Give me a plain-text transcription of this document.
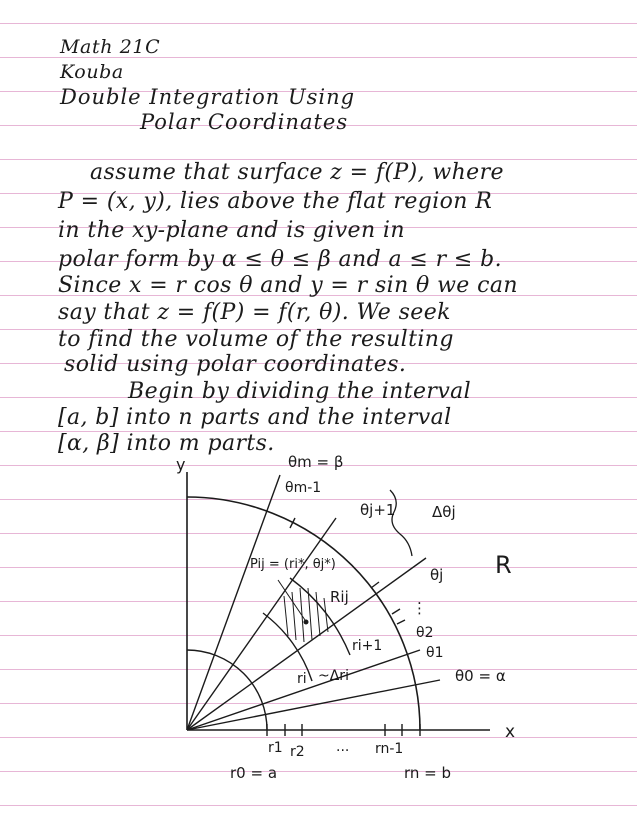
Math 21C
Kouba
Double Integration Using
Polar Coordinates
assume that surface z = f(P), where
P = (x, y), lies above the flat region R
in the xy-plane and is given in
polar form by α ≤ θ ≤ β and a ≤ r ≤ b.
Since x = r cos θ and y = r sin θ we can
say that z = f(P) = f(r, θ). We seek
to find the volume of the resulting
solid using polar coordinates.
Begin by dividing the interval
[a, b] into n parts and the interval
[α, β] into m parts.
y
x
R
θm = β
θm-1
θj+1 Δθj
θj
Pij = (ri*, θj*)
Rij
⋮
θ2
θ1
θ0 = α
ri+1
ri ~Δri
r1 r2 ... rn-1
r0 = a	rn = b
